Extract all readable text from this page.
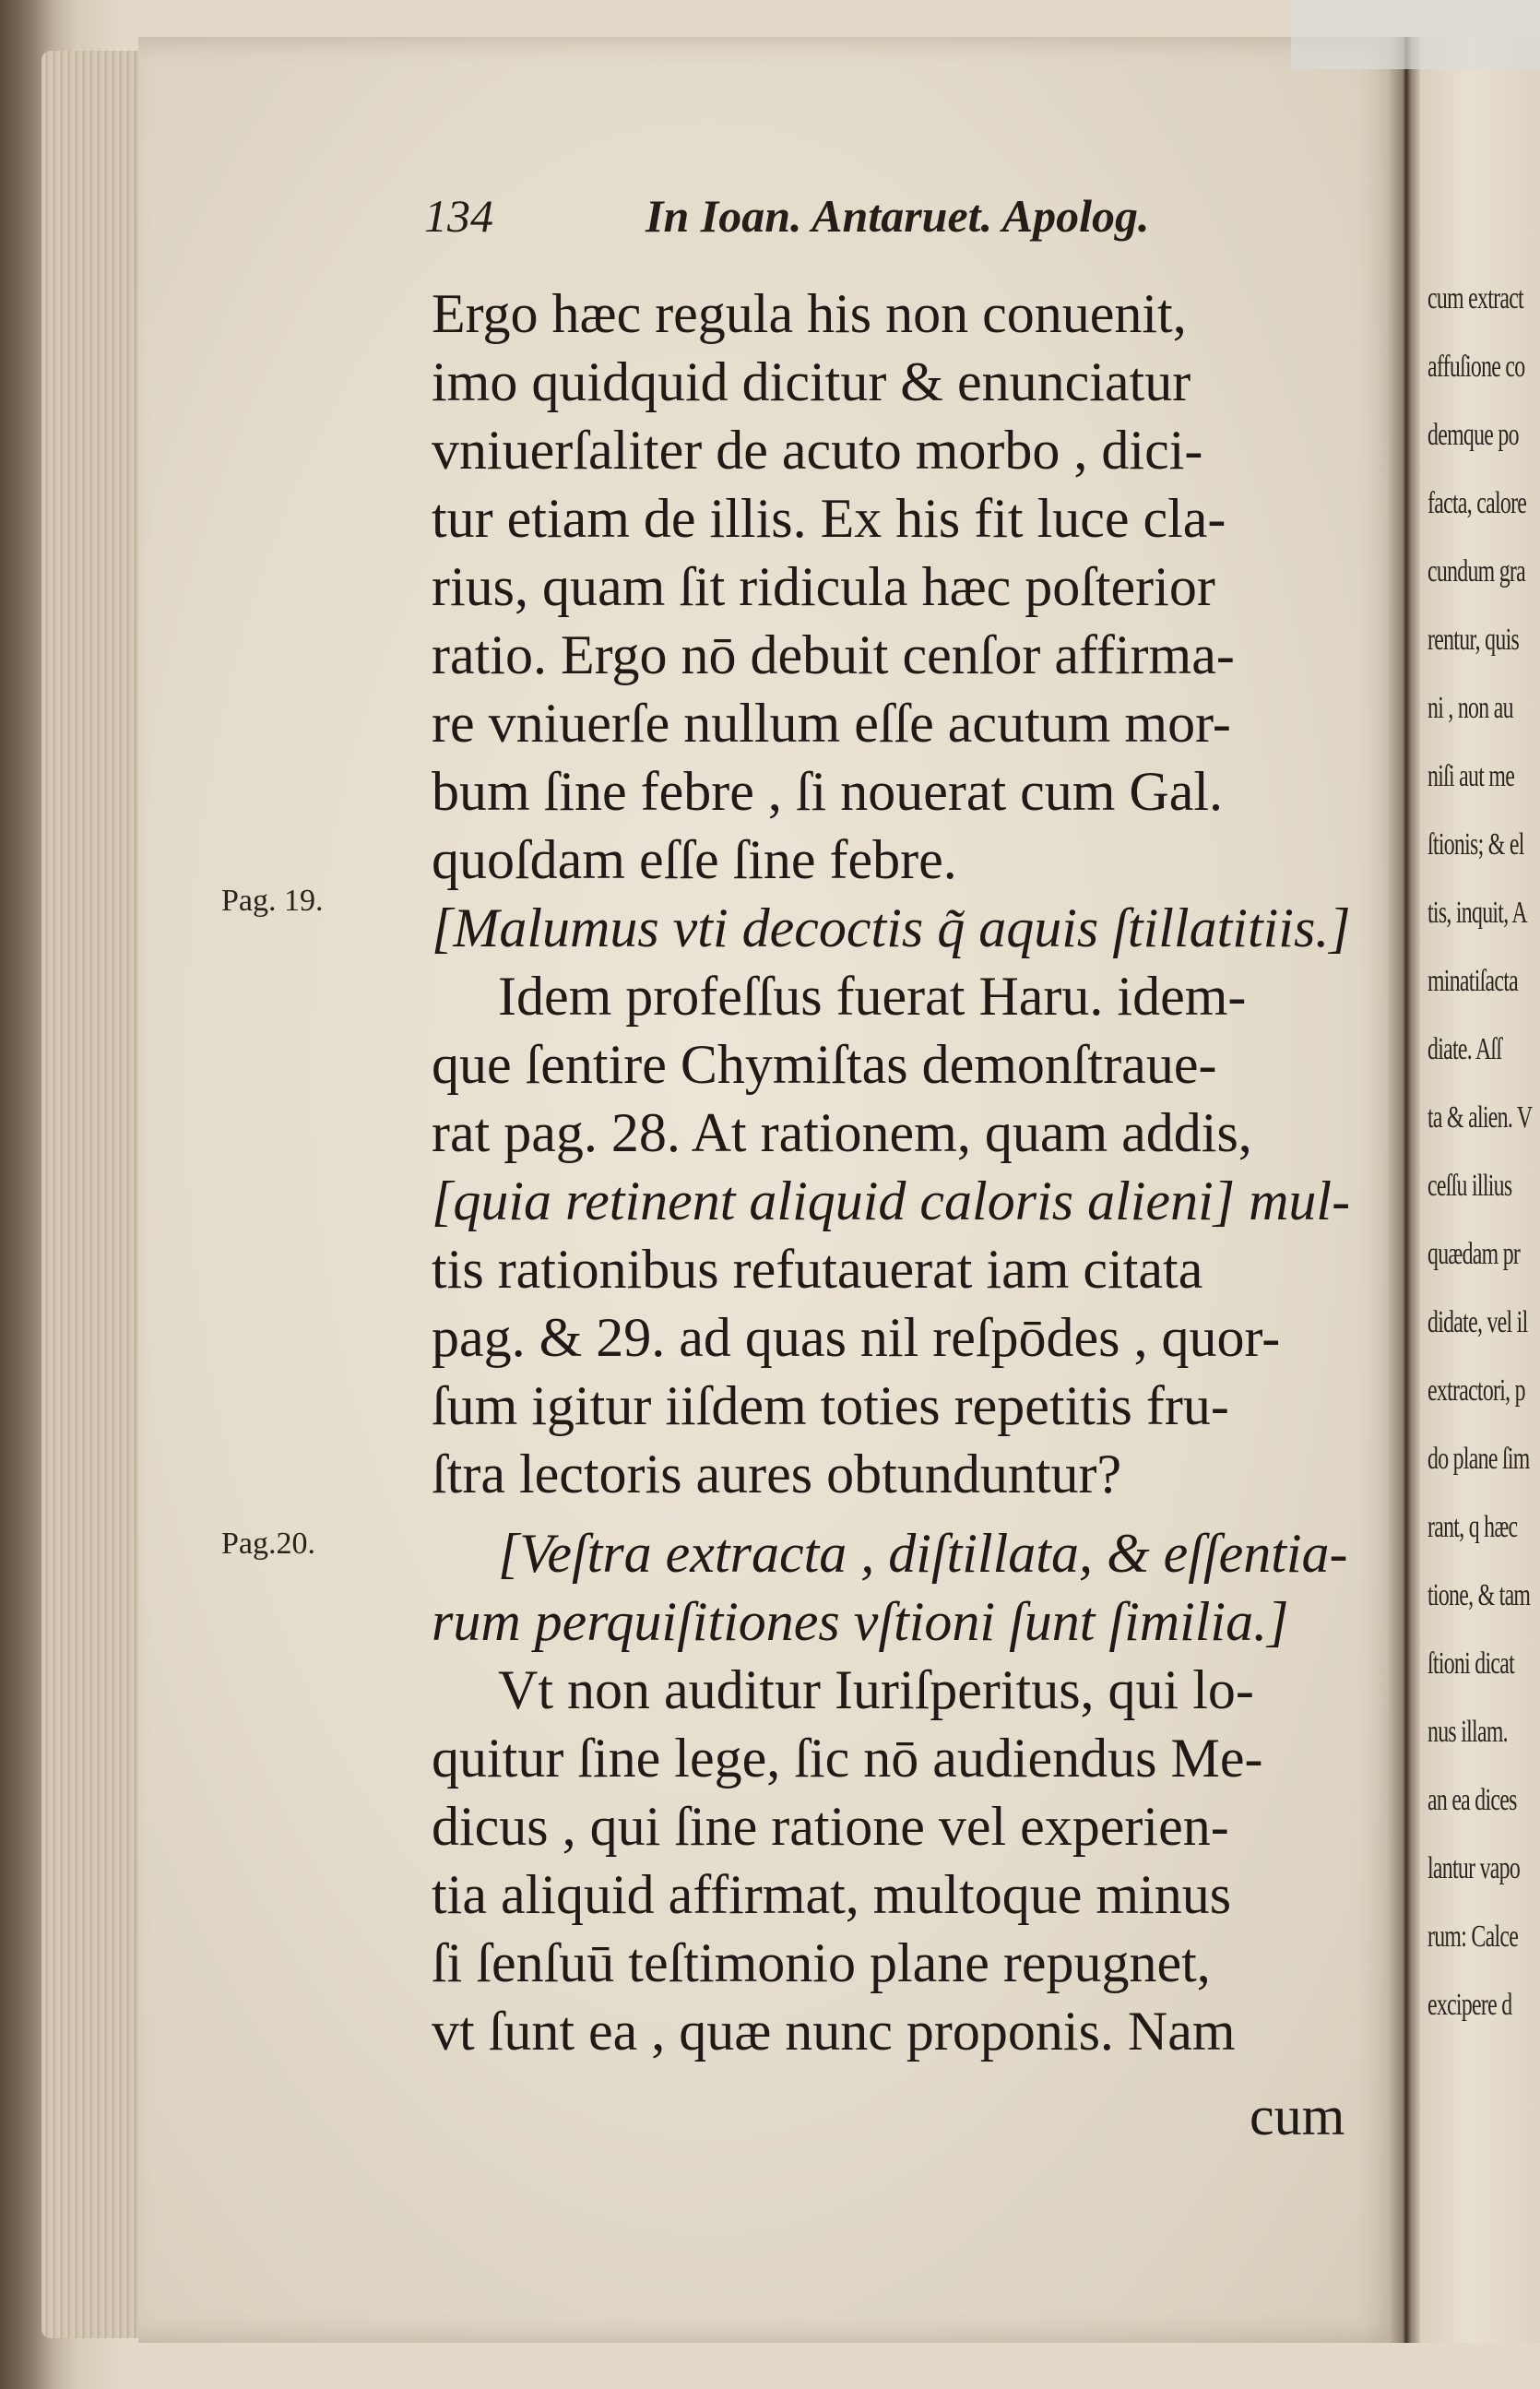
cum extract
affuſione co
demque po
facta, calore
cundum gra
rentur, quis
ni , non au
niſi aut me
ſtionis; & el
tis, inquit, A
minatiſacta
diate. Aſſ
ta & alien. V
ceſſu illius
quædam pr
didate, vel il
extractori, p
do plane ſim
rant, q hæc
tione, & tam
ſtioni dicat
nus illam.
an ea dices
lantur vapo
rum: Calce
excipere d
134	In Ioan. Antaruet. Apolog.
Pag. 19.
Pag.20.
Ergo hæc regula his non conuenit,
imo quidquid dicitur & enunciatur
vniuerſaliter de acuto morbo , dici-
tur etiam de illis. Ex his fit luce cla-
rius, quam ſit ridicula hæc poſterior
ratio. Ergo nō debuit cenſor affirma-
re vniuerſe nullum eſſe acutum mor-
bum ſine febre , ſi nouerat cum Gal.
quoſdam eſſe ſine febre.
[Malumus vti decoctis q̃ aquis ſtillatitiis.]
Idem profeſſus fuerat Haru. idem-
que ſentire Chymiſtas demonſtraue-
rat pag. 28. At rationem, quam addis,
[quia retinent aliquid caloris alieni] mul-
tis rationibus refutauerat iam citata
pag. & 29. ad quas nil reſpōdes , quor-
ſum igitur iiſdem toties repetitis fru-
ſtra lectoris aures obtunduntur?
[Veſtra extracta , diſtillata, & eſſentia-
rum perquiſitiones vſtioni ſunt ſimilia.]
Vt non auditur Iuriſperitus, qui lo-
quitur ſine lege, ſic nō audiendus Me-
dicus , qui ſine ratione vel experien-
tia aliquid affirmat, multoque minus
ſi ſenſuū teſtimonio plane repugnet,
vt ſunt ea , quæ nunc proponis. Nam
cum
